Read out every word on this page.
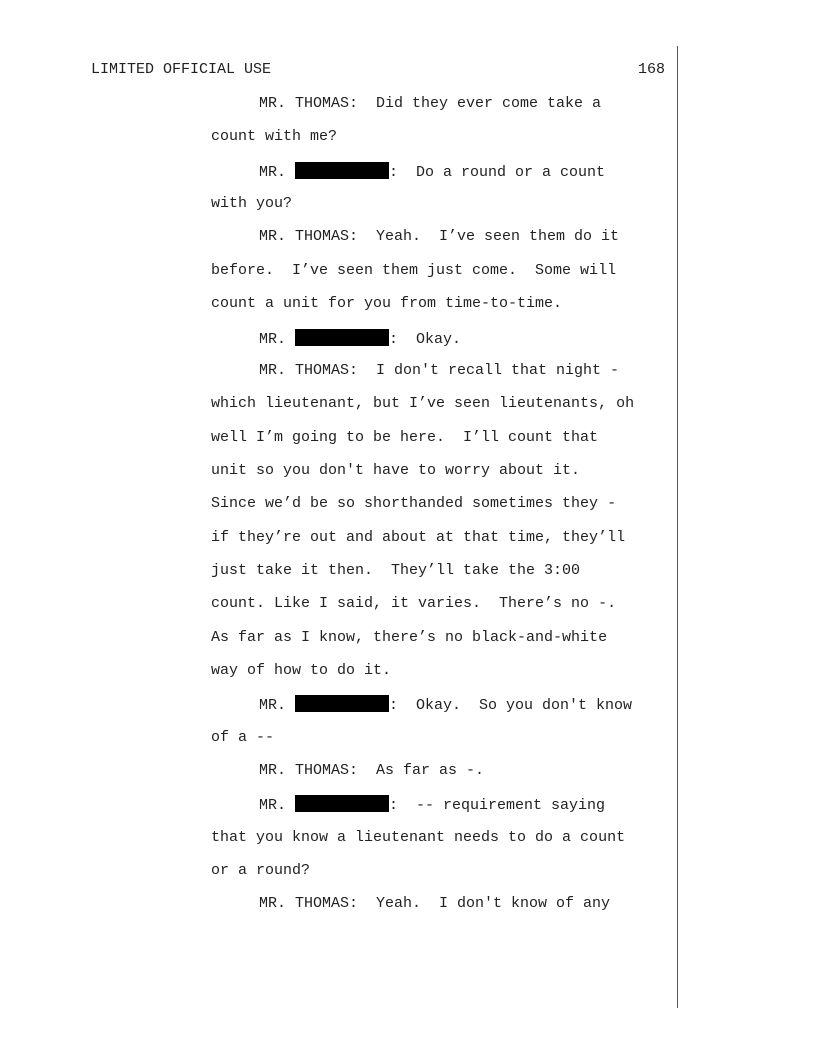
LIMITED OFFICIAL USE	168
MR. THOMAS:  Did they ever come take a
count with me?
MR.	:  Do a round or a count
with you?
MR. THOMAS:  Yeah.  I’ve seen them do it
before.  I’ve seen them just come.  Some will
count a unit for you from time-to-time.
MR.	:  Okay.
MR. THOMAS:  I don't recall that night -
which lieutenant, but I’ve seen lieutenants, oh
well I’m going to be here.  I’ll count that
unit so you don't have to worry about it.
Since we’d be so shorthanded sometimes they -
if they’re out and about at that time, they’ll
just take it then.  They’ll take the 3:00
count. Like I said, it varies.  There’s no -.
As far as I know, there’s no black-and-white
way of how to do it.
MR.	:  Okay.  So you don't know
of a --
MR. THOMAS:  As far as -.
MR.	:  -- requirement saying
that you know a lieutenant needs to do a count
or a round?
MR. THOMAS:  Yeah.  I don't know of any
